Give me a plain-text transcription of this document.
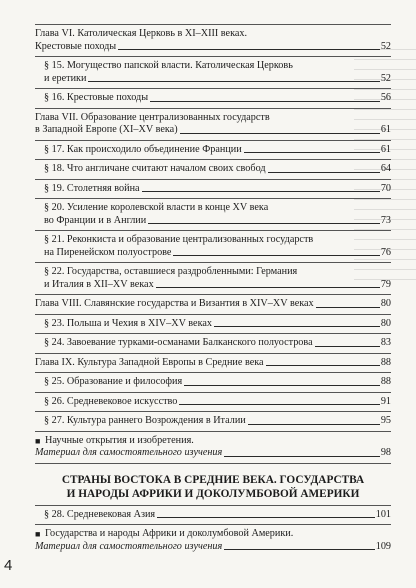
Глава VI. Католическая Церковь в XI–XIII веках.
Крестовые походы	52
§ 15. Могущество папской власти. Католическая Церковь
и еретики	52
§ 16. Крестовые походы	56
Глава VII. Образование централизованных государств
в Западной Европе (XI–XV века)	61
§ 17. Как происходило объединение Франции	61
§ 18. Что англичане считают началом своих свобод	64
§ 19. Столетняя война	70
§ 20. Усиление королевской власти в конце XV века
во Франции и в Англии	73
§ 21. Реконкиста и образование централизованных государств
на Пиренейском полуострове	76
§ 22. Государства, оставшиеся раздробленными: Германия
и Италия в XII–XV веках	79
Глава VIII. Славянские государства и Византия в XIV–XV веках	80
§ 23. Польша и Чехия в XIV–XV веках	80
§ 24. Завоевание турками-османами Балканского полуострова	83
Глава IX. Культура Западной Европы в Средние века	88
§ 25. Образование и философия	88
§ 26. Средневековое искусство	91
§ 27. Культура раннего Возрождения в Италии	95
■ Научные открытия и изобретения.
Материал для самостоятельного изучения	98
СТРАНЫ ВОСТОКА В СРЕДНИЕ ВЕКА. ГОСУДАРСТВА
И НАРОДЫ АФРИКИ И ДОКОЛУМБОВОЙ АМЕРИКИ
§ 28. Средневековая Азия	101
■ Государства и народы Африки и доколумбовой Америки.
Материал для самостоятельного изучения	109
4
